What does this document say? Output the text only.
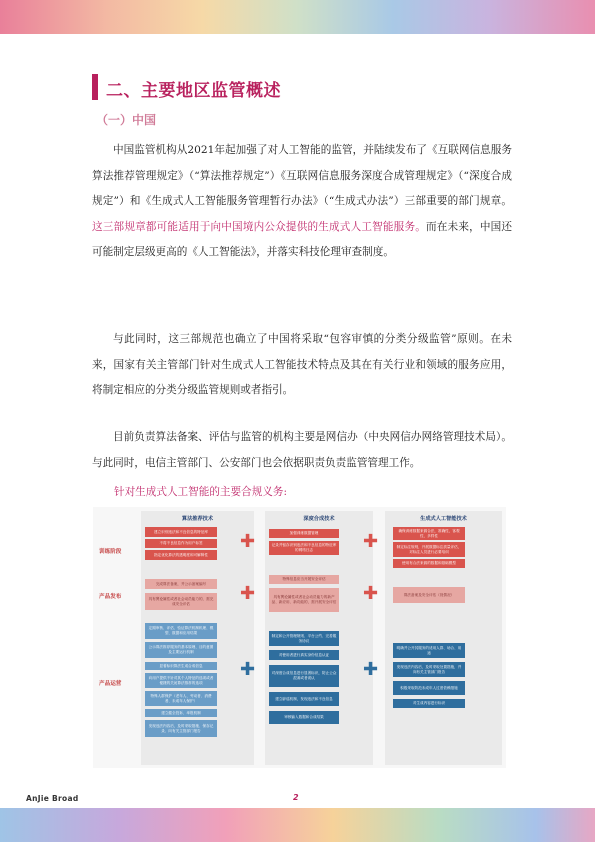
二、主要地区监管概述
（一）中国
中国监管机构从2021年起加强了对人工智能的监管，并陆续发布了《互联网信息服务算法推荐管理规定》（“算法推荐规定”）《互联网信息服务深度合成管理规定》（“深度合成规定”）和《生成式人工智能服务管理暂行办法》（“生成式办法”）三部重要的部门规章。这三部规章都可能适用于向中国境内公众提供的生成式人工智能服务。而在未来，中国还可能制定层级更高的《人工智能法》，并落实科技伦理审查制度。
与此同时，这三部规范也确立了中国将采取“包容审慎的分类分级监管”原则。在未来，国家有关主管部门针对生成式人工智能技术特点及其在有关行业和领域的服务应用，将制定相应的分类分级监管规则或者指引。
目前负责算法备案、评估与监管的机构主要是网信办（中央网信办网络管理技术局）。与此同时，电信主管部门、公安部门也会依据职责负责监管管理工作。
针对生成式人工智能的主要合规义务:
算法推荐技术	深度合成技术	生成式人工智能技术
训练阶段
产品发布
产品运营
建立识别违法和不良信息的特征库
不将不良信息作为用户标签
指定优化算法的透明度和可解释性
加强训练数据管理
记录并留存识别违法和不良信息的特征库的网络日志
确保训练数据来源合法，准确性，客观性，多样性
制定标注规则，开展数据标注质量评估，对标注人员进行必要培训
使用有合法来源的数据和基础模型
完成算法备案，并公示备案编号
具有舆论属性或者社会动员能力的，需完成安全评估
特殊信息应当开展安全评估
具有舆论属性或者社会动员能力的新产品、新应用、新功能的，需开展安全评估
算法备案及安全评估（视情况）
定期审核、评估、验证算法机制机理、模型、数据和应用结果
公示算法推荐服务的基本原理、目的意图及主要运行机制
显著标识算法生成合成信息
向用户提供不针对其个人特征的选项或者便捷的关闭算法推荐的选项
特殊人群保护（老年人、劳动者、消费者、未成年人保护）
建立健全投诉、举报机制
发现违法内容后，及时采取措施、保存记录、向有关主管部门报告
制定和公开管理规则、平台公约、完善服务协议
对使用者进行真实身份信息认证
对深度合成信息进行显著标识，防止公众混淆或者误认
建立辟谣机制，发现违法和不良信息
审核输入数据和合成结果
明确并公开其服务的适用人群、场合、用途
发现违法内容后，及时采取处置措施，并向有关主管部门报告
积极采取防范未成年人过度依赖措施
对生成内容进行标识
✚	✚
✚	✚
✚	✚
AnJie Broad	2
